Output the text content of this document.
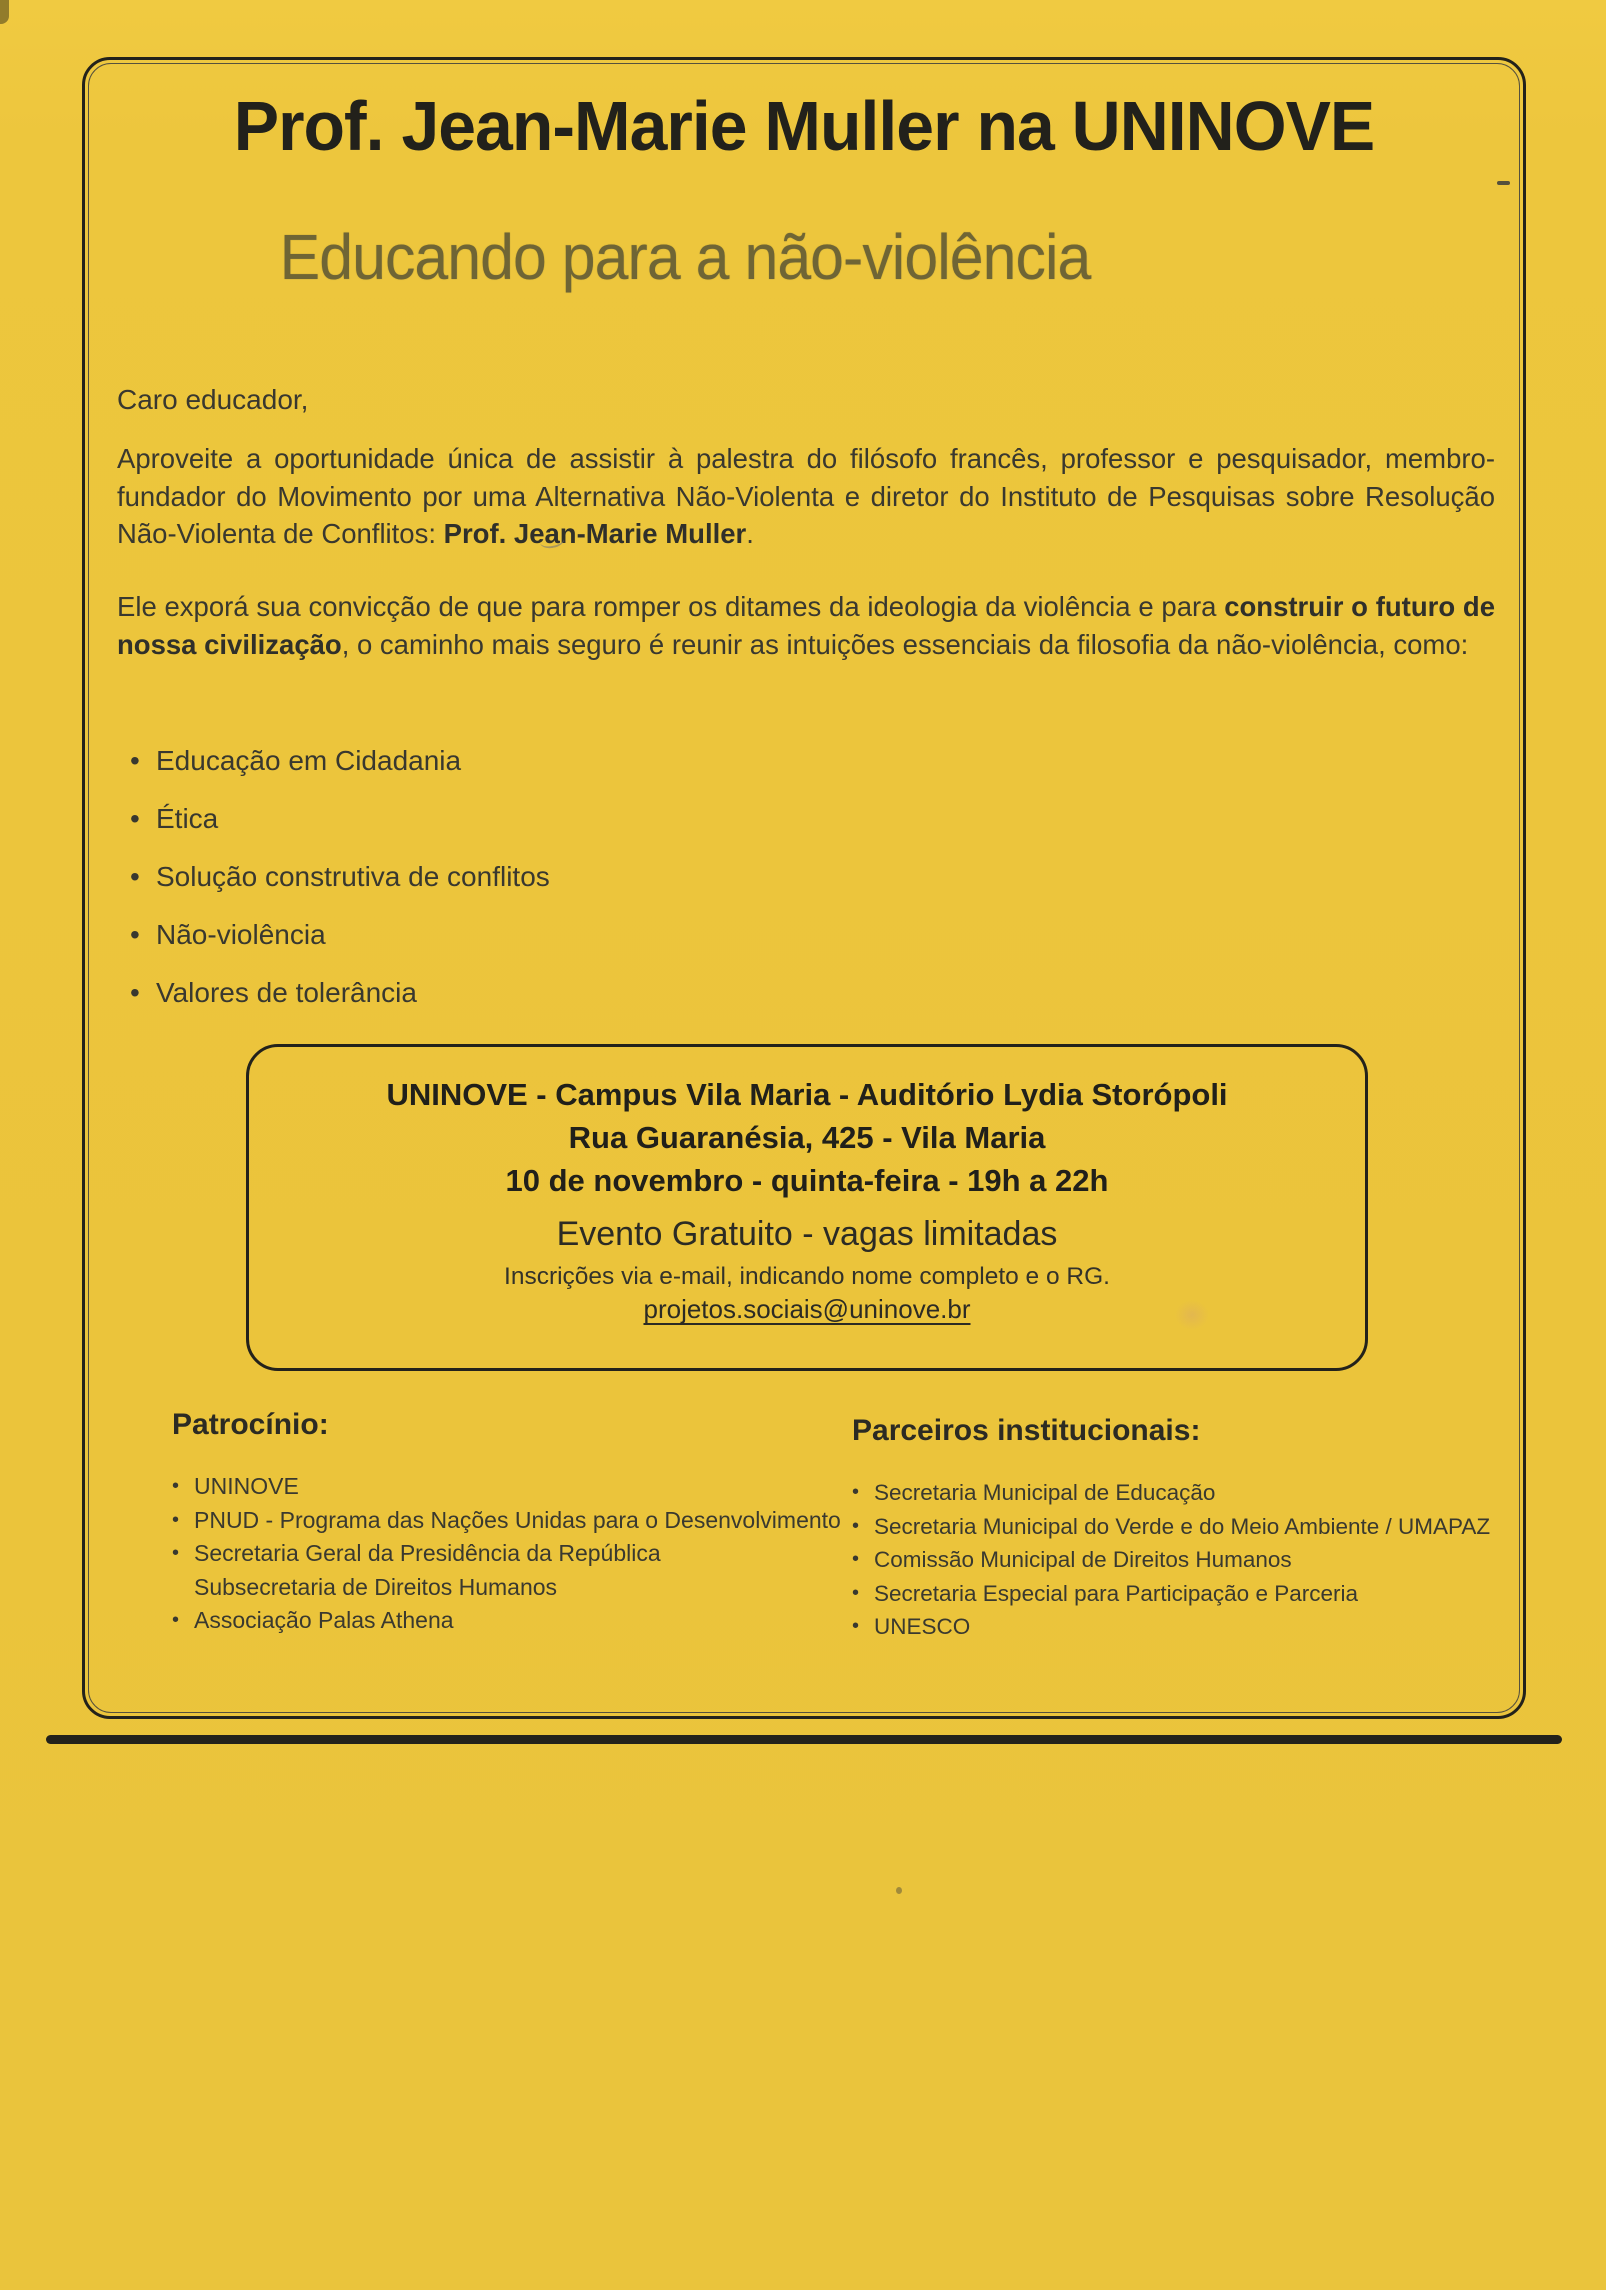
Prof. Jean-Marie Muller na UNINOVE
Educando para a não-violência
Caro educador,
Aproveite a oportunidade única de assistir à palestra do filósofo francês, professor e pesquisador, membro-fundador do Movimento por uma Alternativa Não-Violenta e diretor do Instituto de Pesquisas sobre Resolução Não-Violenta de Conflitos: Prof. Jean-Marie Muller.
Ele exporá sua convicção de que para romper os ditames da ideologia da violência e para construir o futuro de nossa civilização, o caminho mais seguro é reunir as intuições essenciais da filosofia da não-violência, como:
• Educação em Cidadania
• Ética
• Solução construtiva de conflitos
• Não-violência
• Valores de tolerância
UNINOVE - Campus Vila Maria - Auditório Lydia Storópoli
Rua Guaranésia, 425 - Vila Maria
10 de novembro - quinta-feira - 19h a 22h
Evento Gratuito - vagas limitadas
Inscrições via e-mail, indicando nome completo e o RG.
projetos.sociais@uninove.br
Patrocínio:
• UNINOVE
• PNUD - Programa das Nações Unidas para o Desenvolvimento
• Secretaria Geral da Presidência da República
Subsecretaria de Direitos Humanos
• Associação Palas Athena
Parceiros institucionais:
• Secretaria Municipal de Educação
• Secretaria Municipal do Verde e do Meio Ambiente / UMAPAZ
• Comissão Municipal de Direitos Humanos
• Secretaria Especial para Participação e Parceria
• UNESCO
